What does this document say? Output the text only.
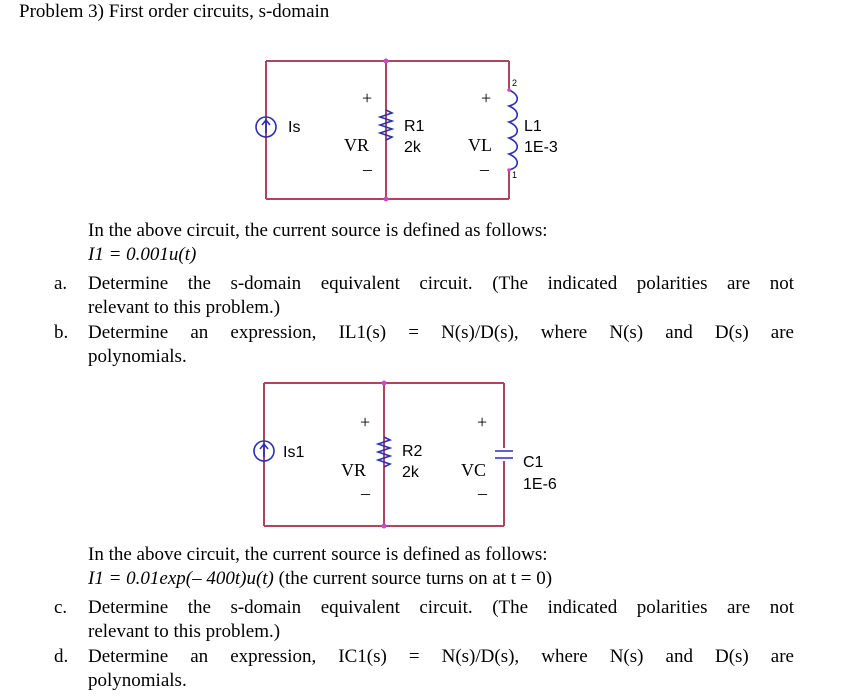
Problem 3) First order circuits, s-domain
Is
+
VR
–
R1
2k
+
VL
–
L1
1E-3
2
1
Is1
+
VR
–
R2
2k
+
VC
–
C1
1E-6
In the above circuit, the current source is defined as follows:
I1 = 0.001u(t)
a. Determine the s-domain equivalent circuit. (The indicated polarities are not
relevant to this problem.)
b. Determine an expression, IL1(s) = N(s)/D(s), where N(s) and D(s) are
polynomials.
In the above circuit, the current source is defined as follows:
I1 = 0.01exp(– 400t)u(t) (the current source turns on at t = 0)
c. Determine the s-domain equivalent circuit. (The indicated polarities are not
relevant to this problem.)
d. Determine an expression, IC1(s) = N(s)/D(s), where N(s) and D(s) are
polynomials.
